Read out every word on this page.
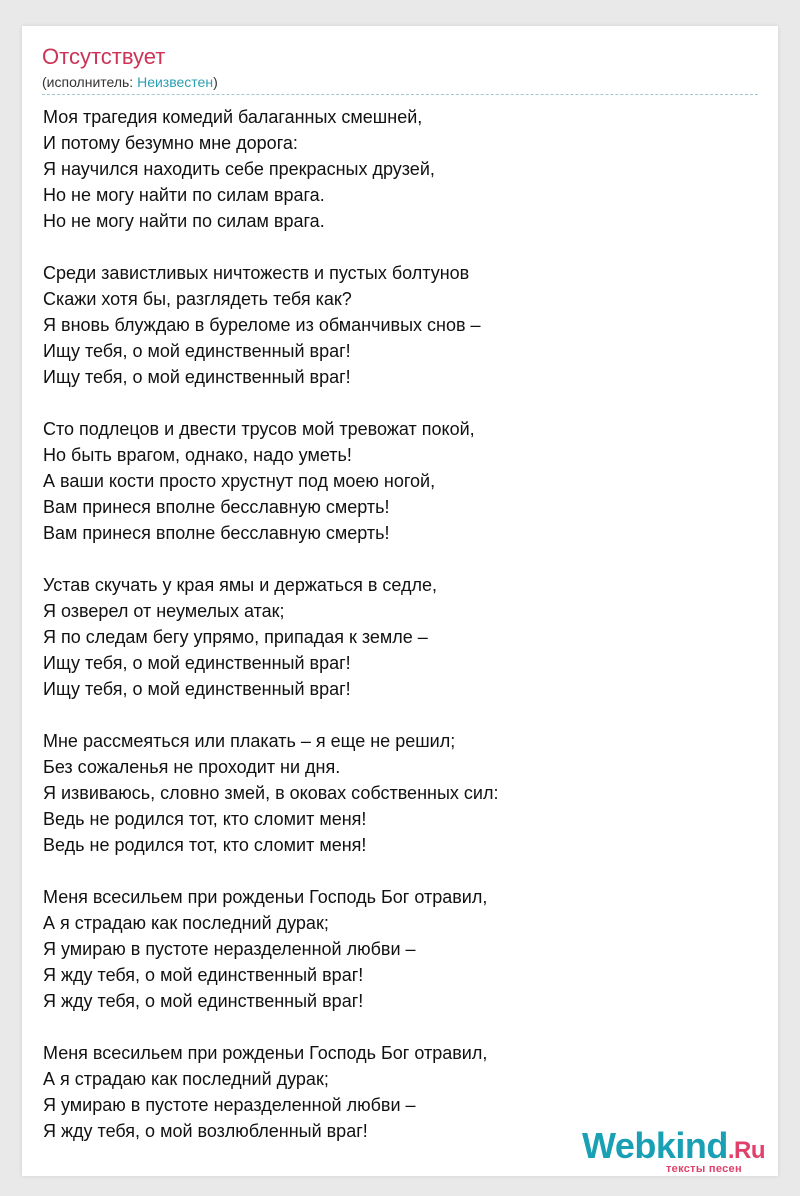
Отсутствует
(исполнитель: Неизвестен)
Моя трагедия комедий балаганных смешней,
И потому безумно мне дорога:
Я научился находить себе прекрасных друзей,
Но не могу найти по силам врага.
Но не могу найти по силам врага.
Среди завистливых ничтожеств и пустых болтунов
Скажи хотя бы, разглядеть тебя как?
Я вновь блуждаю в буреломе из обманчивых снов –
Ищу тебя, о мой единственный враг!
Ищу тебя, о мой единственный враг!
Сто подлецов и двести трусов мой тревожат покой,
Но быть врагом, однако, надо уметь!
А ваши кости просто хрустнут под моею ногой,
Вам принеся вполне бесславную смерть!
Вам принеся вполне бесславную смерть!
Устав скучать у края ямы и держаться в седле,
Я озверел от неумелых атак;
Я по следам бегу упрямо, припадая к земле –
Ищу тебя, о мой единственный враг!
Ищу тебя, о мой единственный враг!
Мне рассмеяться или плакать – я еще не решил;
Без сожаленья не проходит ни дня.
Я извиваюсь, словно змей, в оковах собственных сил:
Ведь не родился тот, кто сломит меня!
Ведь не родился тот, кто сломит меня!
Меня всесильем при рожденьи Господь Бог отравил,
А я страдаю как последний дурак;
Я умираю в пустоте неразделенной любви –
Я жду тебя, о мой единственный враг!
Я жду тебя, о мой единственный враг!
Меня всесильем при рожденьи Господь Бог отравил,
А я страдаю как последний дурак;
Я умираю в пустоте неразделенной любви –
Я жду тебя, о мой возлюбленный враг!	Webkind.Ru
тексты песен
